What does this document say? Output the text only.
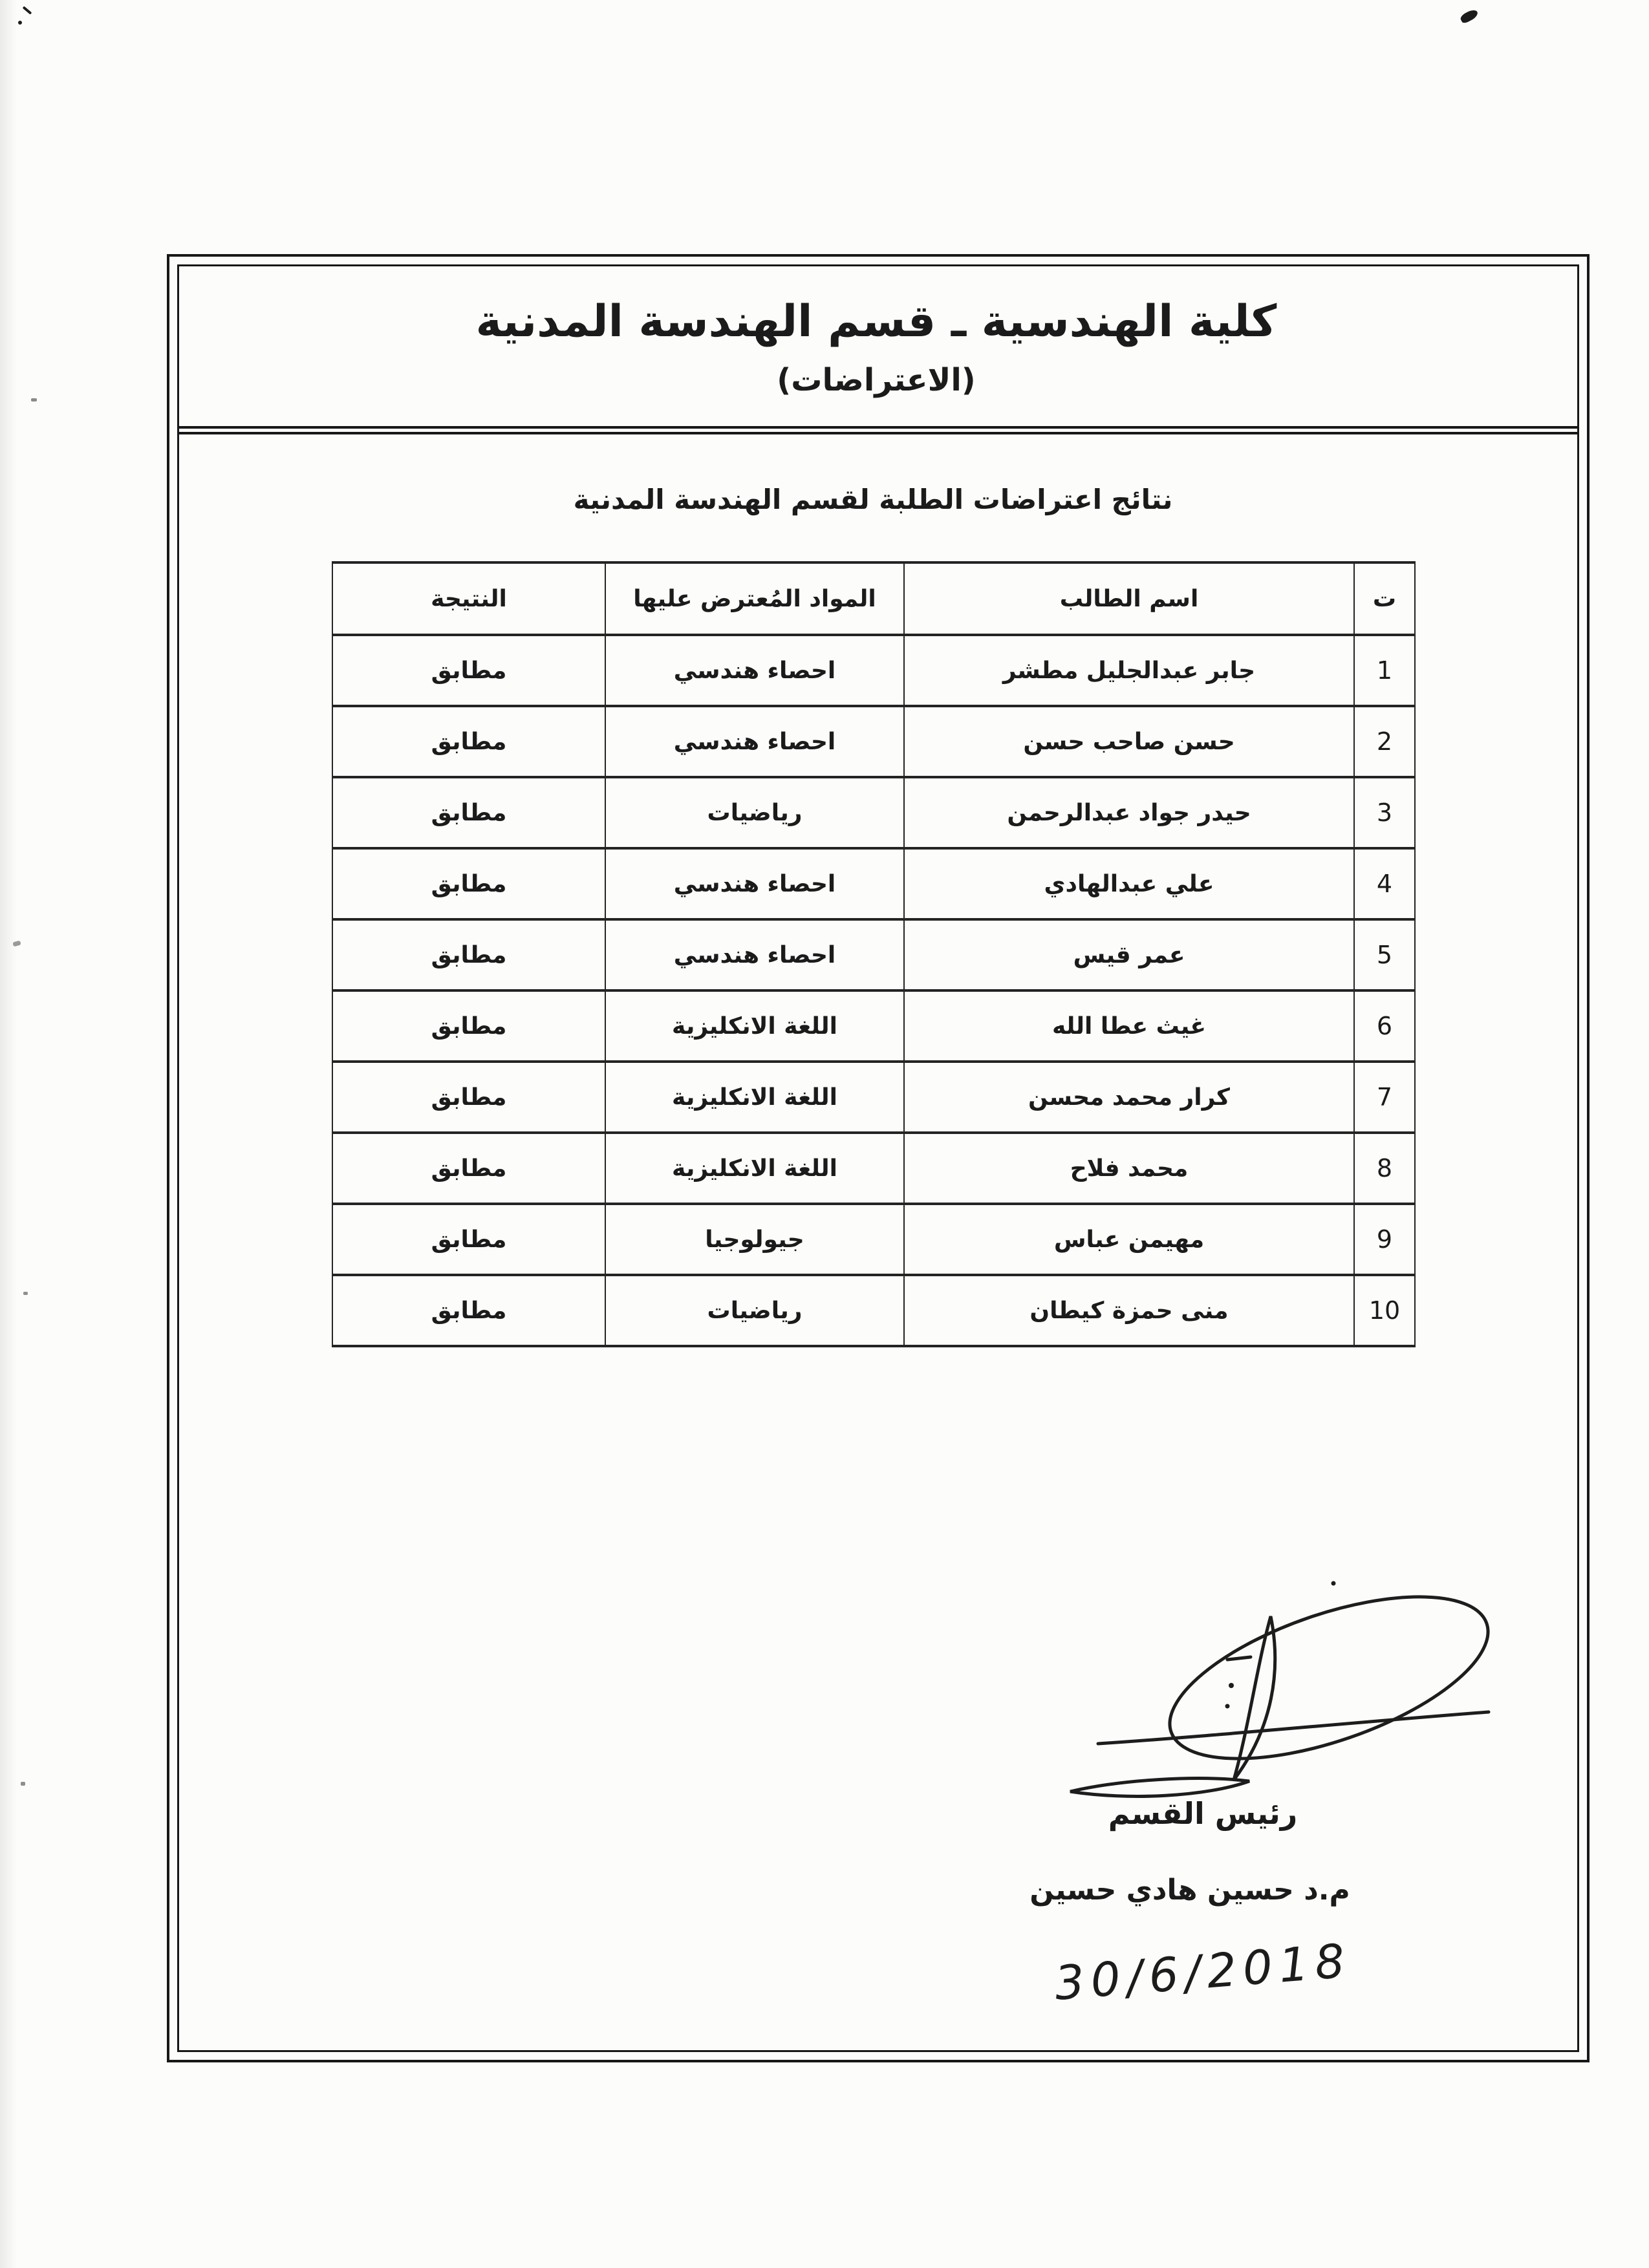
كلية الهندسية ـ قسم الهندسة المدنية
(الاعتراضات)
نتائج اعتراضات الطلبة لقسم الهندسة المدنية
ت	اسم الطالب	المواد المُعترض عليها	النتيجة
1	جابر عبدالجليل مطشر	احصاء هندسي	مطابق
2	حسن صاحب حسن	احصاء هندسي	مطابق
3	حيدر جواد عبدالرحمن	رياضيات	مطابق
4	علي عبدالهادي	احصاء هندسي	مطابق
5	عمر قيس	احصاء هندسي	مطابق
6	غيث عطا الله	اللغة الانكليزية	مطابق
7	كرار محمد محسن	اللغة الانكليزية	مطابق
8	محمد فلاح	اللغة الانكليزية	مطابق
9	مهيمن عباس	جيولوجيا	مطابق
10	منى حمزة كيطان	رياضيات	مطابق
رئيس القسم
م.د حسين هادي حسين
30/6/2018
